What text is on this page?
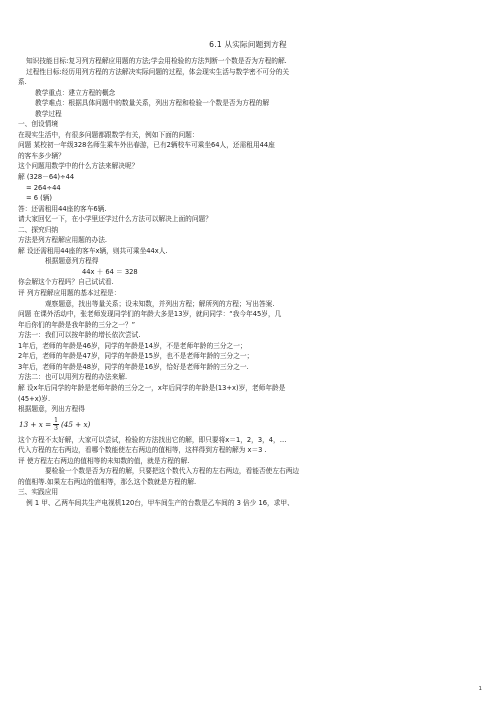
6.1 从实际问题到方程
知识技能目标:复习列方程解应用题的方法;学会用检验的方法判断一个数是否为方程的解.
过程性目标:经历用列方程的方法解决实际问题的过程，体会现实生活与数学密不可分的关
系.
教学重点：建立方程的概念
教学难点：根据具体问题中的数量关系，列出方程和检验一个数是否为方程的解
教学过程
一、创设情境
在现实生活中，有很多问题都跟数学有关，例如下面的问题：
问题 某校初一年级328名师生乘车外出春游，已有2辆校车可乘坐64人，还需租用44座
的客车多少辆？
这个问题用数学中的什么方法来解决呢？
解 (328－64)÷44
= 264÷44
= 6 (辆)
答：还需租用44座的客车6辆.
请大家回忆一下，在小学里还学过什么方法可以解决上面的问题？
二、探究归纳
方法是列方程解应用题的办法.
解 设还需租用44座的客车x辆，则共可乘坐44x人.
根据题意列方程得
44x ＋ 64 ＝ 328
你会解这个方程吗？自己试试看.
评 列方程解应用题的基本过程是：
观察题意，找出等量关系；设未知数，并列出方程；解所列的方程；写出答案.
问题 在课外活动中，张老师发现同学们的年龄大多是13岁，就问同学：“我今年45岁，几
年后你们的年龄是我年龄的三分之一？”
方法一：我们可以按年龄的增长依次尝试.
1年后，老师的年龄是46岁，同学的年龄是14岁，不是老师年龄的三分之一；
2年后，老师的年龄是47岁，同学的年龄是15岁，也不是老师年龄的三分之一；
3年后，老师的年龄是48岁，同学的年龄是16岁，恰好是老师年龄的三分之一.
方法二：也可以用列方程的办法来解.
解 设x年后同学的年龄是老师年龄的三分之一，x年后同学的年龄是(13+x)岁，老师年龄是
(45+x)岁.
根据题意，列出方程得
$13 + x = \frac{1}{3} (45 + x)$
这个方程不太好解，大家可以尝试，检验的方法找出它的解，即只要将x＝1，2，3，4，…
代入方程的左右两边，看哪个数能使左右两边的值相等，这样得到方程的解为 x＝3 .
评 使方程左右两边的值相等的未知数的值，就是方程的解.
要检验一个数是否为方程的解，只要把这个数代入方程的左右两边，看能否使左右两边
的值相等.如果左右两边的值相等，那么这个数就是方程的解.
三、实践应用
例 1 甲、乙两车间共生产电视机120台，甲车间生产的台数是乙车间的 3 倍少 16，求甲、
1
